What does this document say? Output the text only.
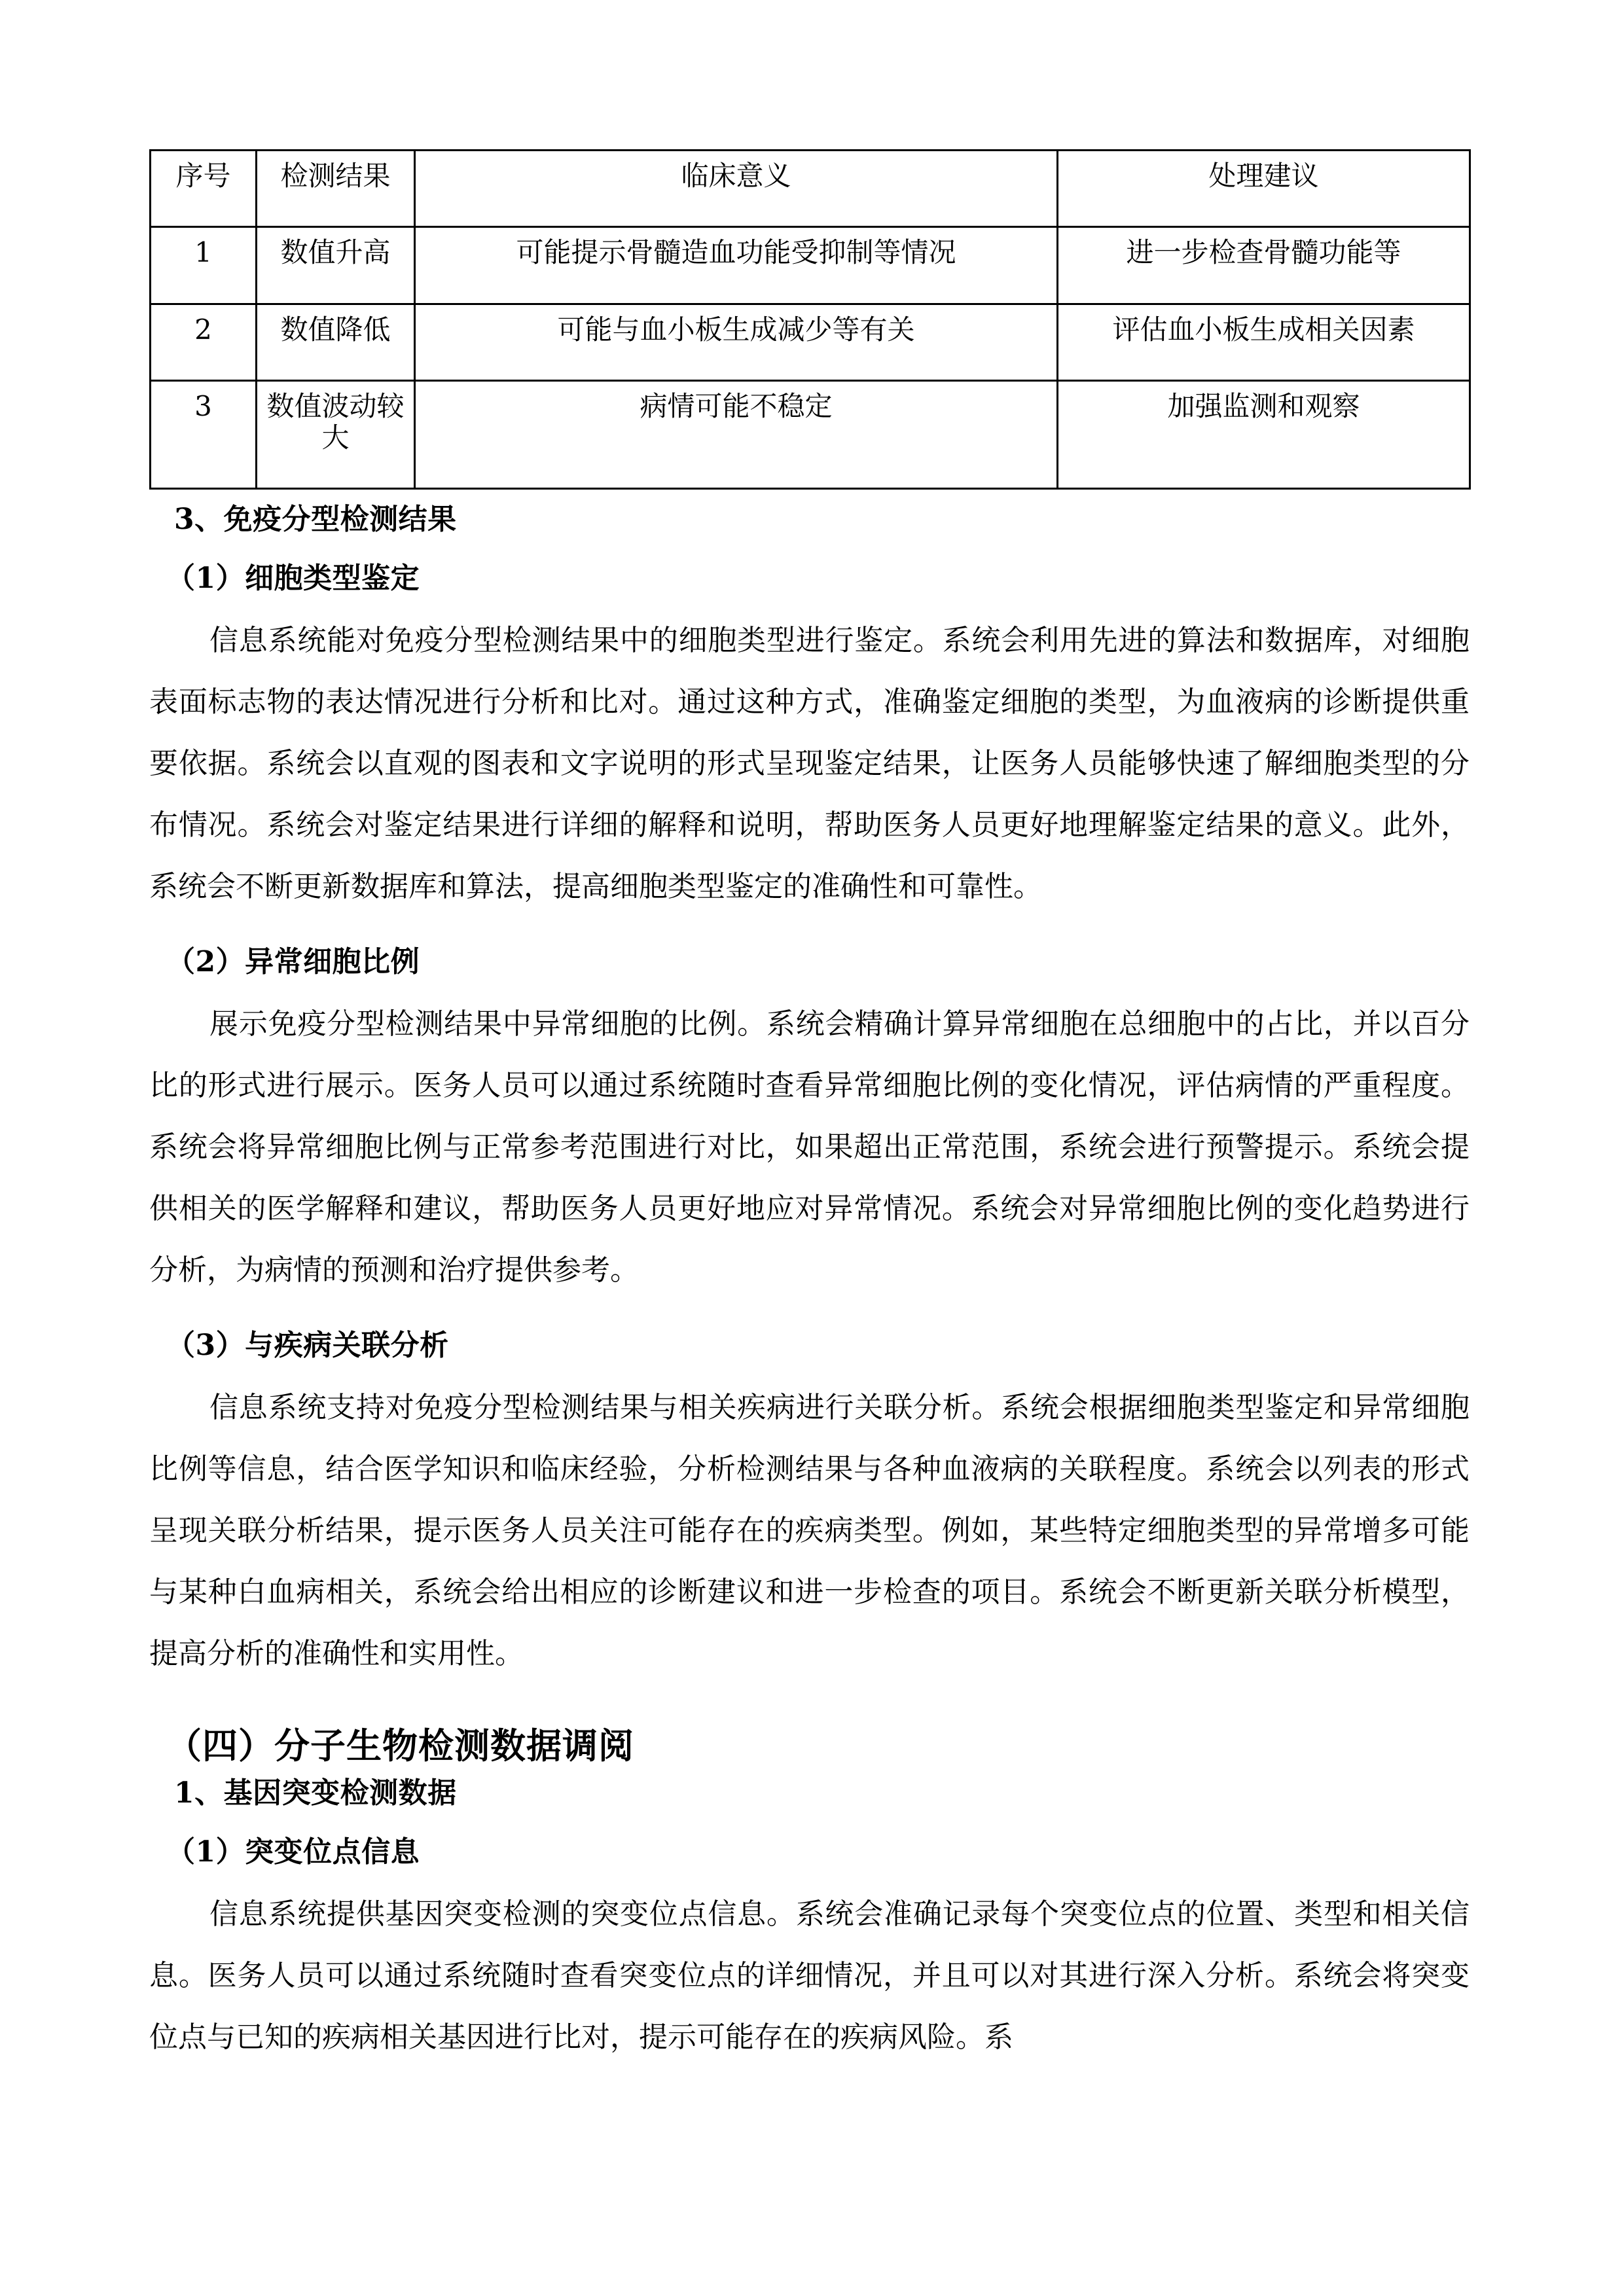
序号	检测结果	临床意义	处理建议
1	数值升高	可能提示骨髓造血功能受抑制等情况	进一步检查骨髓功能等
2	数值降低	可能与血小板生成减少等有关	评估血小板生成相关因素
3	数值波动较大	病情可能不稳定	加强监测和观察
3、免疫分型检测结果
（1）细胞类型鉴定

信息系统能对免疫分型检测结果中的细胞类型进行鉴定。系统会利用先进的算法和数据库，对细胞表面标志物的表达情况进行分析和比对。通过这种方式，准确鉴定细胞的类型，为血液病的诊断提供重要依据。系统会以直观的图表和文字说明的形式呈现鉴定结果，让医务人员能够快速了解细胞类型的分布情况。系统会对鉴定结果进行详细的解释和说明，帮助医务人员更好地理解鉴定结果的意义。此外，系统会不断更新数据库和算法，提高细胞类型鉴定的准确性和可靠性。

（2）异常细胞比例

展示免疫分型检测结果中异常细胞的比例。系统会精确计算异常细胞在总细胞中的占比，并以百分比的形式进行展示。医务人员可以通过系统随时查看异常细胞比例的变化情况，评估病情的严重程度。系统会将异常细胞比例与正常参考范围进行对比，如果超出正常范围，系统会进行预警提示。系统会提供相关的医学解释和建议，帮助医务人员更好地应对异常情况。系统会对异常细胞比例的变化趋势进行分析，为病情的预测和治疗提供参考。

（3）与疾病关联分析

信息系统支持对免疫分型检测结果与相关疾病进行关联分析。系统会根据细胞类型鉴定和异常细胞比例等信息，结合医学知识和临床经验，分析检测结果与各种血液病的关联程度。系统会以列表的形式呈现关联分析结果，提示医务人员关注可能存在的疾病类型。例如，某些特定细胞类型的异常增多可能与某种白血病相关，系统会给出相应的诊断建议和进一步检查的项目。系统会不断更新关联分析模型，提高分析的准确性和实用性。

（四）分子生物检测数据调阅
1、基因突变检测数据
（1）突变位点信息

信息系统提供基因突变检测的突变位点信息。系统会准确记录每个突变位点的位置、类型和相关信息。医务人员可以通过系统随时查看突变位点的详细情况，并且可以对其进行深入分析。系统会将突变位点与已知的疾病相关基因进行比对，提示可能存在的疾病风险。系
